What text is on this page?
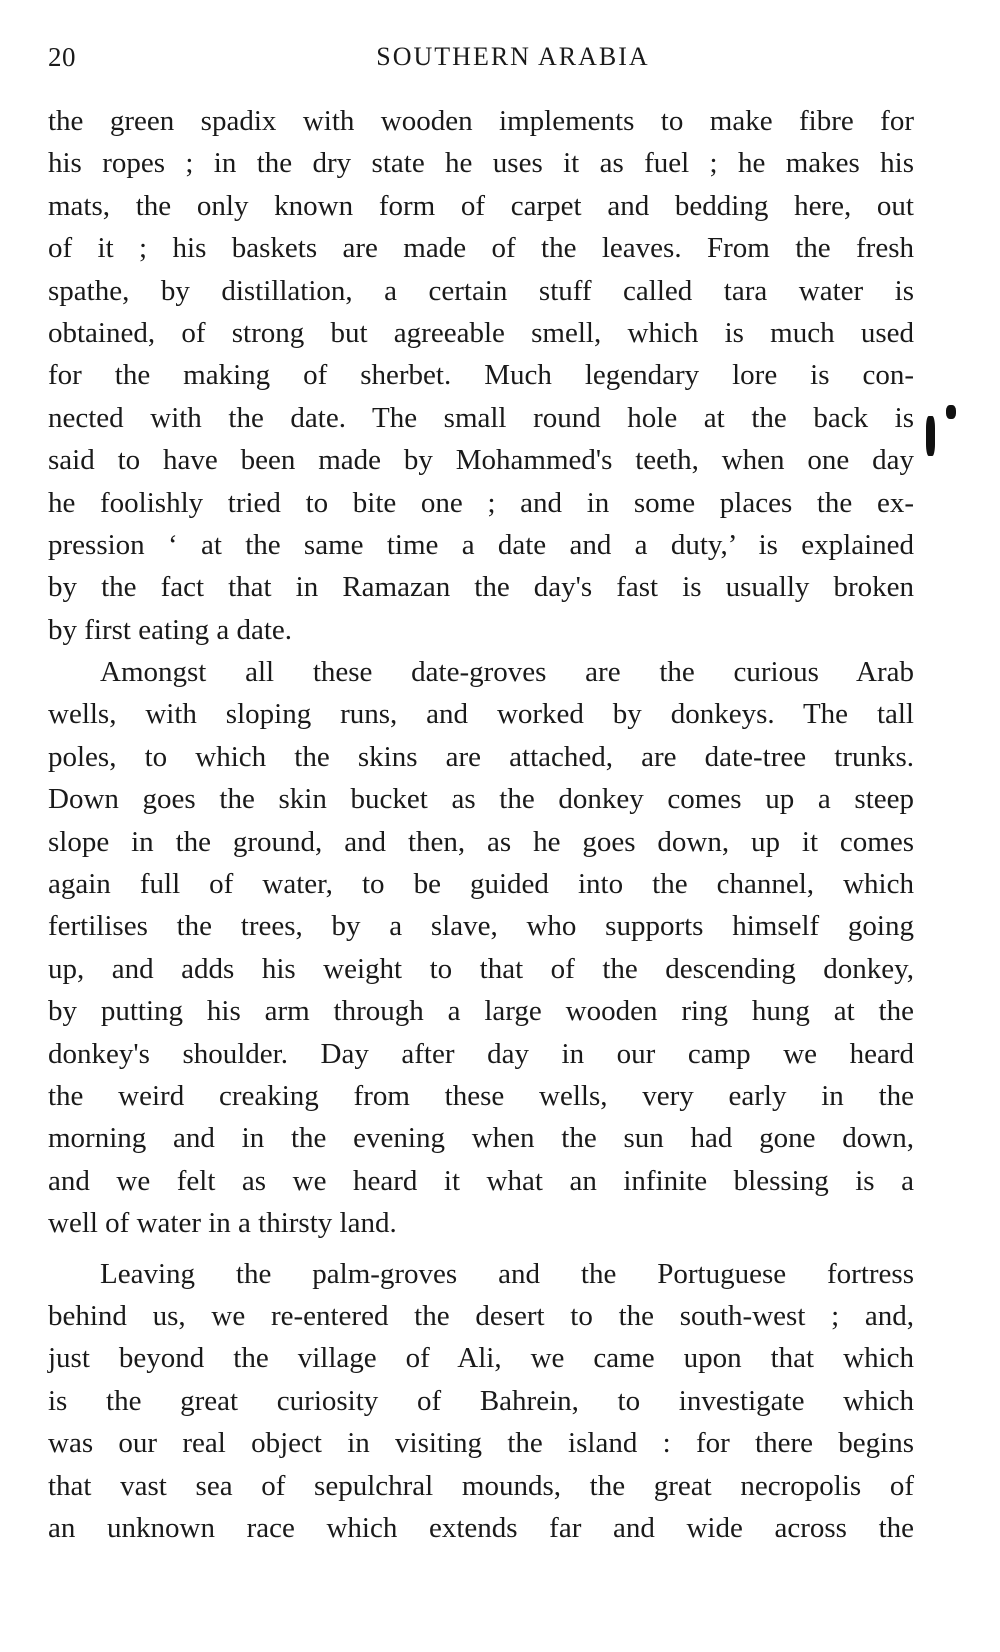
20	SOUTHERN ARABIA
the green spadix with wooden implements to make fibre for
his ropes ; in the dry state he uses it as fuel ; he makes his
mats, the only known form of carpet and bedding here, out
of it ; his baskets are made of the leaves. From the fresh
spathe, by distillation, a certain stuff called tara water is
obtained, of strong but agreeable smell, which is much used
for the making of sherbet. Much legendary lore is con-
nected with the date. The small round hole at the back is
said to have been made by Mohammed's teeth, when one day
he foolishly tried to bite one ; and in some places the ex-
pression ‘ at the same time a date and a duty,’ is explained
by the fact that in Ramazan the day's fast is usually broken
by first eating a date.
Amongst all these date-groves are the curious Arab
wells, with sloping runs, and worked by donkeys. The tall
poles, to which the skins are attached, are date-tree trunks.
Down goes the skin bucket as the donkey comes up a steep
slope in the ground, and then, as he goes down, up it comes
again full of water, to be guided into the channel, which
fertilises the trees, by a slave, who supports himself going
up, and adds his weight to that of the descending donkey,
by putting his arm through a large wooden ring hung at the
donkey's shoulder. Day after day in our camp we heard
the weird creaking from these wells, very early in the
morning and in the evening when the sun had gone down,
and we felt as we heard it what an infinite blessing is a
well of water in a thirsty land.
Leaving the palm-groves and the Portuguese fortress
behind us, we re-entered the desert to the south-west ; and,
just beyond the village of Ali, we came upon that which
is the great curiosity of Bahrein, to investigate which
was our real object in visiting the island : for there begins
that vast sea of sepulchral mounds, the great necropolis of
an unknown race which extends far and wide across the
